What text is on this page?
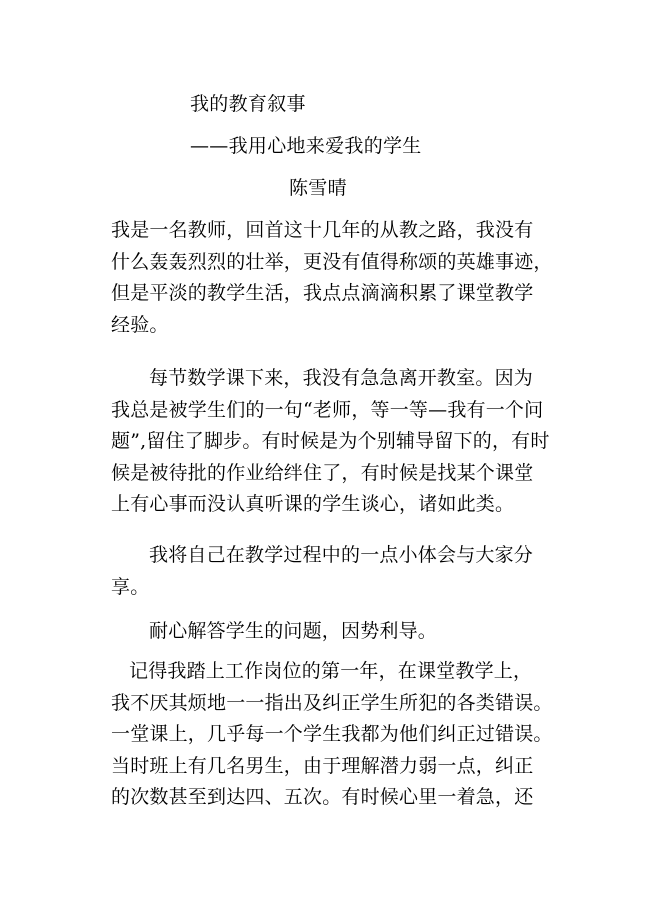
我的教育叙事
——我用心地来爱我的学生
陈雪晴
我是一名教师，回首这十几年的从教之路，我没有
什么轰轰烈烈的壮举，更没有值得称颂的英雄事迹，
但是平淡的教学生活，我点点滴滴积累了课堂教学
经验。
每节数学课下来，我没有急急离开教室。因为
我总是被学生们的一句“老师，等一等—我有一个问
题”,留住了脚步。有时候是为个别辅导留下的，有时
候是被待批的作业给绊住了，有时候是找某个课堂
上有心事而没认真听课的学生谈心，诸如此类。
我将自己在教学过程中的一点小体会与大家分
享。
耐心解答学生的问题，因势利导。
记得我踏上工作岗位的第一年，在课堂教学上，
我不厌其烦地一一指出及纠正学生所犯的各类错误。
一堂课上，几乎每一个学生我都为他们纠正过错误。
当时班上有几名男生，由于理解潜力弱一点，纠正
的次数甚至到达四、五次。有时候心里一着急，还
